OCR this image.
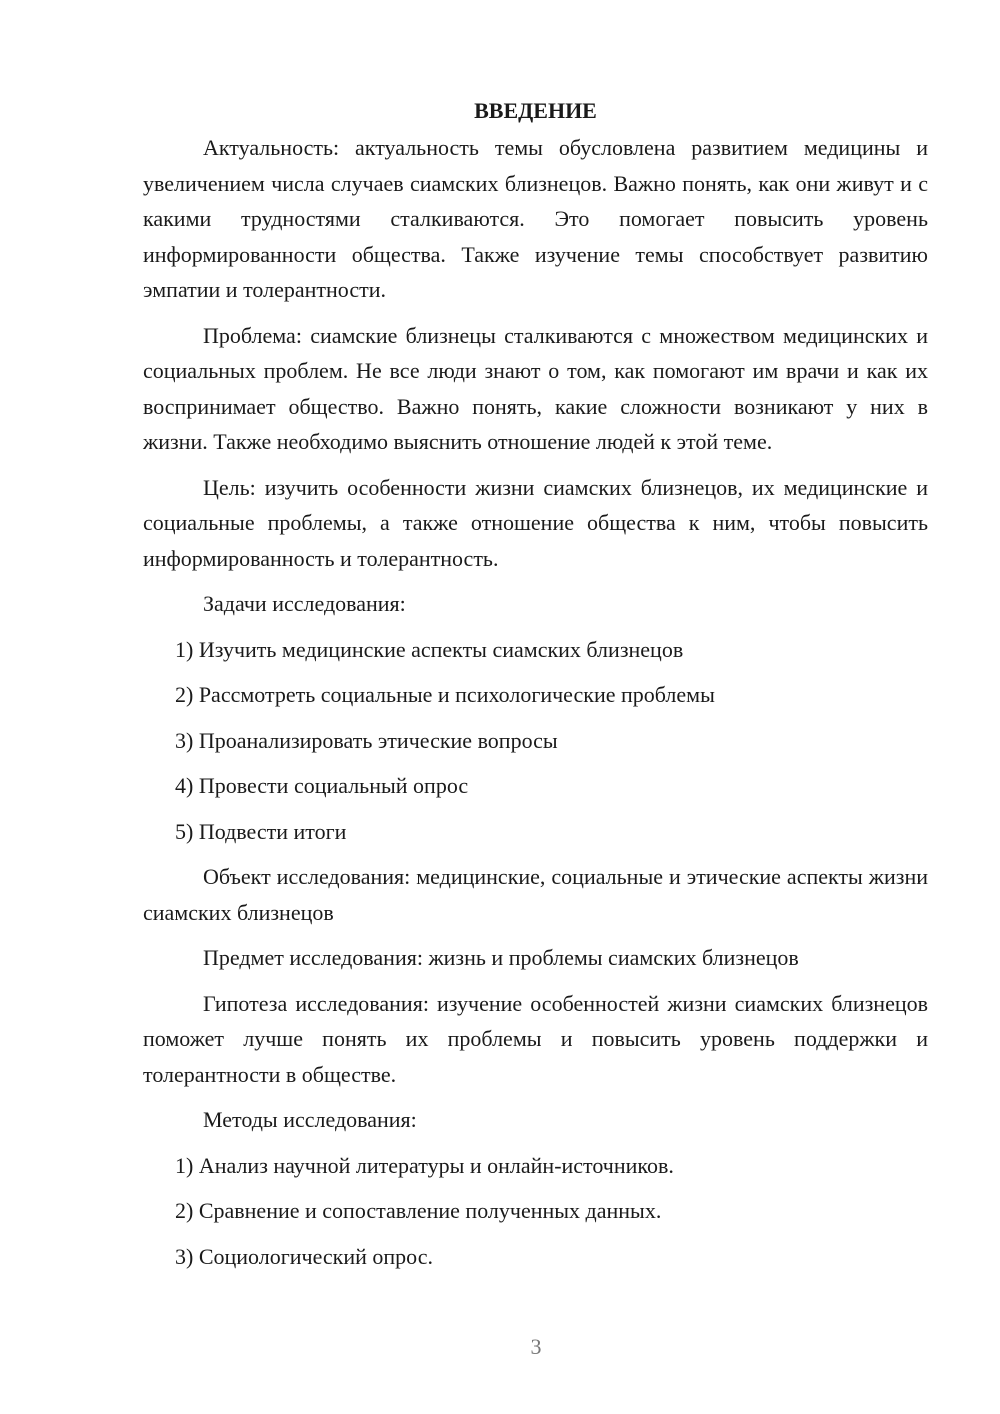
ВВЕДЕНИЕ

Актуальность: актуальность темы обусловлена развитием медицины и увеличением числа случаев сиамских близнецов. Важно понять, как они живут и с какими трудностями сталкиваются. Это помогает повысить уровень информированности общества. Также изучение темы способствует развитию эмпатии и толерантности.

Проблема: сиамские близнецы сталкиваются с множеством медицинских и социальных проблем. Не все люди знают о том, как помогают им врачи и как их воспринимает общество. Важно понять, какие сложности возникают у них в жизни. Также необходимо выяснить отношение людей к этой теме.

Цель: изучить особенности жизни сиамских близнецов, их медицинские и социальные проблемы, а также отношение общества к ним, чтобы повысить информированность и толерантность.

Задачи исследования:
1) Изучить медицинские аспекты сиамских близнецов
2) Рассмотреть социальные и психологические проблемы
3) Проанализировать этические вопросы
4) Провести социальный опрос
5) Подвести итоги

Объект исследования: медицинские, социальные и этические аспекты жизни сиамских близнецов

Предмет исследования: жизнь и проблемы сиамских близнецов

Гипотеза исследования: изучение особенностей жизни сиамских близнецов поможет лучше понять их проблемы и повысить уровень поддержки и толерантности в обществе.

Методы исследования:
1) Анализ научной литературы и онлайн-источников.
2) Сравнение и сопоставление полученных данных.
3) Социологический опрос.
3
